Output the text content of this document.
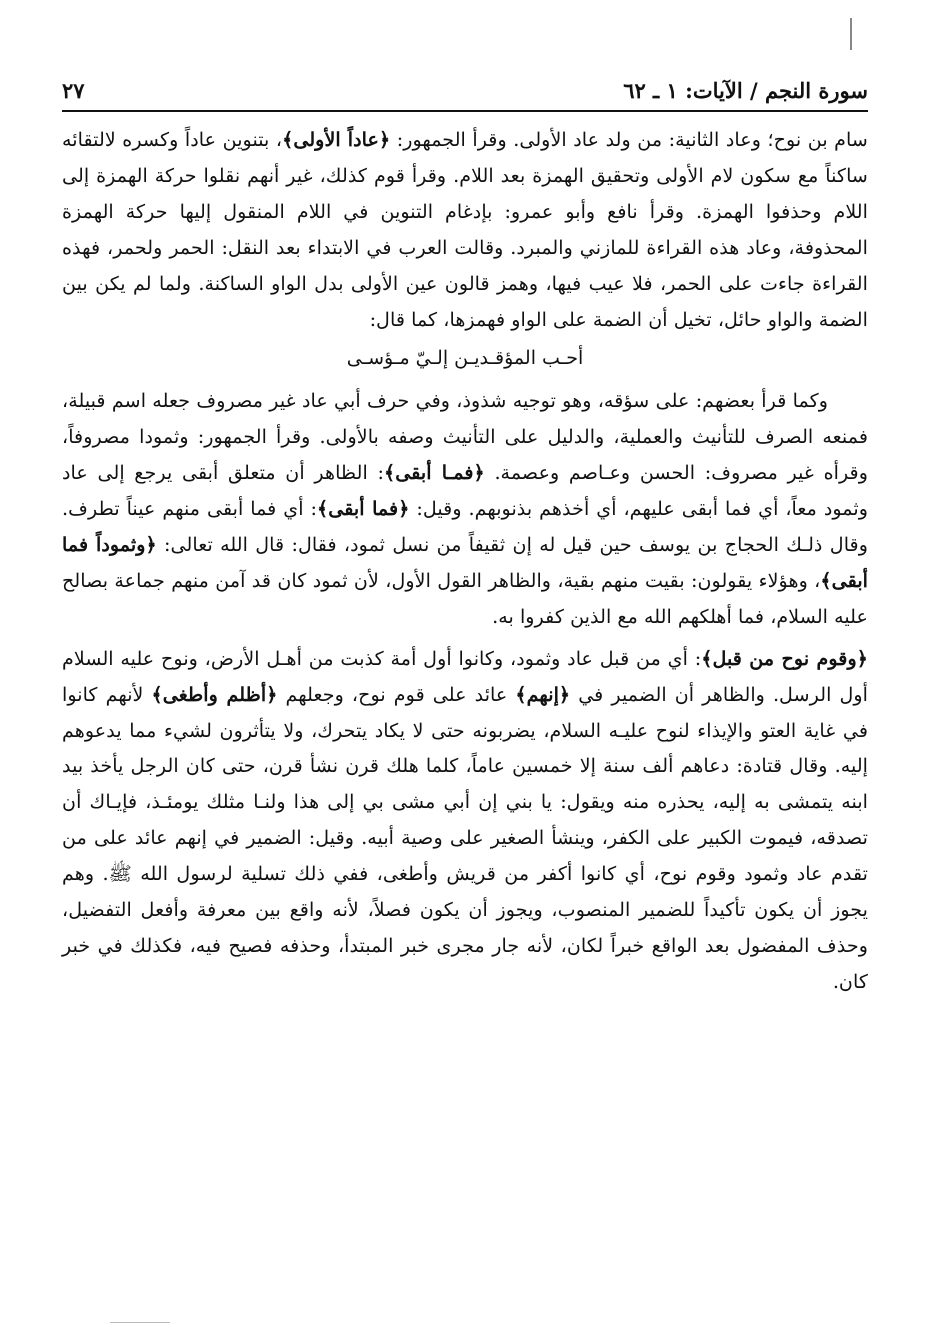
سورة النجم / الآيات: ١ ـ ٦٢
٢٧

سام بن نوح؛ وعاد الثانية: من ولد عاد الأولى. وقرأ الجمهور: ﴿عاداً الأولى﴾، بتنوين عاداً وكسره لالتقائه ساكناً مع سكون لام الأولى وتحقيق الهمزة بعد اللام. وقرأ قوم كذلك، غير أنهم نقلوا حركة الهمزة إلى اللام وحذفوا الهمزة. وقرأ نافع وأبو عمرو: بإدغام التنوين في اللام المنقول إليها حركة الهمزة المحذوفة، وعاد هذه القراءة للمازني والمبرد. وقالت العرب في الابتداء بعد النقل: الحمر ولحمر، فهذه القراءة جاءت على الحمر، فلا عيب فيها، وهمز قالون عين الأولى بدل الواو الساكنة. ولما لم يكن بين الضمة والواو حائل، تخيل أن الضمة على الواو فهمزها، كما قال:

أحـب المؤقـديـن إلـيّ مـؤسـى

وكما قرأ بعضهم: على سؤقه، وهو توجيه شذوذ، وفي حرف أبي عاد غير مصروف جعله اسم قبيلة، فمنعه الصرف للتأنيث والعملية، والدليل على التأنيث وصفه بالأولى. وقرأ الجمهور: وثمودا مصروفاً، وقرأه غير مصروف: الحسن وعـاصم وعصمة. ﴿فمـا أبقى﴾: الظاهر أن متعلق أبقى يرجع إلى عاد وثمود معاً، أي فما أبقى عليهم، أي أخذهم بذنوبهم. وقيل: ﴿فما أبقى﴾: أي فما أبقى منهم عيناً تطرف. وقال ذلـك الحجاج بن يوسف حين قيل له إن ثقيفاً من نسل ثمود، فقال: قال الله تعالى: ﴿وثموداً فما أبقى﴾، وهؤلاء يقولون: بقيت منهم بقية، والظاهر القول الأول، لأن ثمود كان قد آمن منهم جماعة بصالح عليه السلام، فما أهلكهم الله مع الذين كفروا به.

﴿وقوم نوح من قبل﴾: أي من قبل عاد وثمود، وكانوا أول أمة كذبت من أهـل الأرض، ونوح عليه السلام أول الرسل. والظاهر أن الضمير في ﴿إنهم﴾ عائد على قوم نوح، وجعلهم ﴿أظلم وأطغى﴾ لأنهم كانوا في غاية العتو والإيذاء لنوح عليـه السلام، يضربونه حتى لا يكاد يتحرك، ولا يتأثرون لشيء مما يدعوهم إليه. وقال قتادة: دعاهم ألف سنة إلا خمسين عاماً، كلما هلك قرن نشأ قرن، حتى كان الرجل يأخذ بيد ابنه يتمشى به إليه، يحذره منه ويقول: يا بني إن أبي مشى بي إلى هذا ولنـا مثلك يومئـذ، فإيـاك أن تصدقه، فيموت الكبير على الكفر، وينشأ الصغير على وصية أبيه. وقيل: الضمير في إنهم عائد على من تقدم عاد وثمود وقوم نوح، أي كانوا أكفر من قريش وأطغى، ففي ذلك تسلية لرسول الله ﷺ. وهم يجوز أن يكون تأكيداً للضمير المنصوب، ويجوز أن يكون فصلاً، لأنه واقع بين معرفة وأفعل التفضيل، وحذف المفضول بعد الواقع خبراً لكان، لأنه جار مجرى خبر المبتدأ، وحذفه فصيح فيه، فكذلك في خبر كان.
